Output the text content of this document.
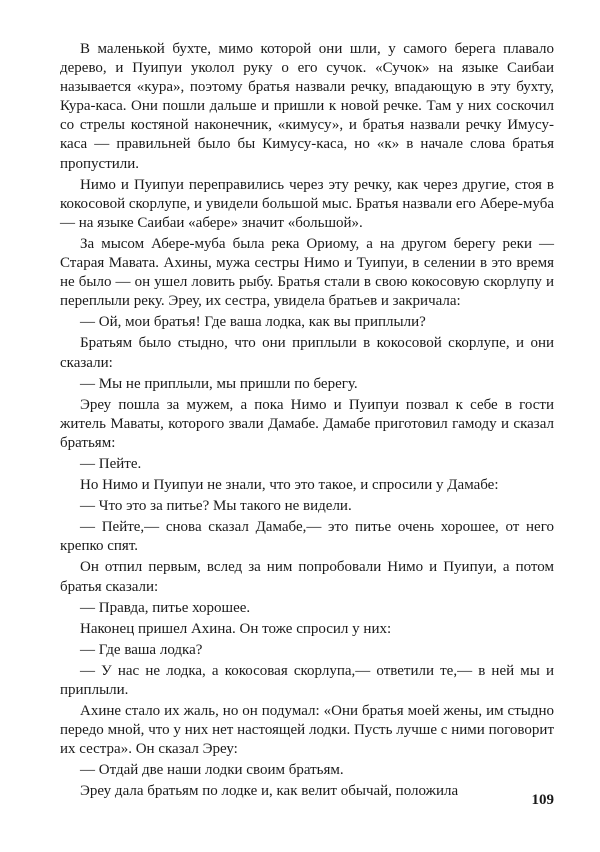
В маленькой бухте, мимо которой они шли, у самого берега плавало дерево, и Пуипуи уколол руку о его сучок. «Сучок» на языке Саибаи называется «кура», поэтому братья назвали речку, впадающую в эту бухту, Кура-каса. Они пошли дальше и пришли к новой речке. Там у них соскочил со стрелы костяной наконечник, «кимусу», и братья назвали речку Имусу-каса — правильней было бы Кимусу-каса, но «к» в начале слова братья пропустили.

Нимо и Пуипуи переправились через эту речку, как через другие, стоя в кокосовой скорлупе, и увидели большой мыс. Братья назвали его Абере-муба — на языке Саибаи «абере» значит «большой».

За мысом Абере-муба была река Ориому, а на другом берегу реки — Старая Мавата. Ахины, мужа сестры Нимо и Туипуи, в селении в это время не было — он ушел ловить рыбу. Братья стали в свою кокосовую скорлупу и переплыли реку. Эреу, их сестра, увидела братьев и закричала:

— Ой, мои братья! Где ваша лодка, как вы приплыли?

Братьям было стыдно, что они приплыли в кокосовой скорлупе, и они сказали:

— Мы не приплыли, мы пришли по берегу.

Эреу пошла за мужем, а пока Нимо и Пуипуи позвал к себе в гости житель Маваты, которого звали Дамабе. Дамабе приготовил гамоду и сказал братьям:

— Пейте.

Но Нимо и Пуипуи не знали, что это такое, и спросили у Дамабе:

— Что это за питье? Мы такого не видели.

— Пейте,— снова сказал Дамабе,— это питье очень хорошее, от него крепко спят.

Он отпил первым, вслед за ним попробовали Нимо и Пуипуи, а потом братья сказали:

— Правда, питье хорошее.

Наконец пришел Ахина. Он тоже спросил у них:

— Где ваша лодка?

— У нас не лодка, а кокосовая скорлупа,— ответили те,— в ней мы и приплыли.

Ахине стало их жаль, но он подумал: «Они братья моей жены, им стыдно передо мной, что у них нет настоящей лодки. Пусть лучше с ними поговорит их сестра». Он сказал Эреу:

— Отдай две наши лодки своим братьям.

Эреу дала братьям по лодке и, как велит обычай, положила

109
